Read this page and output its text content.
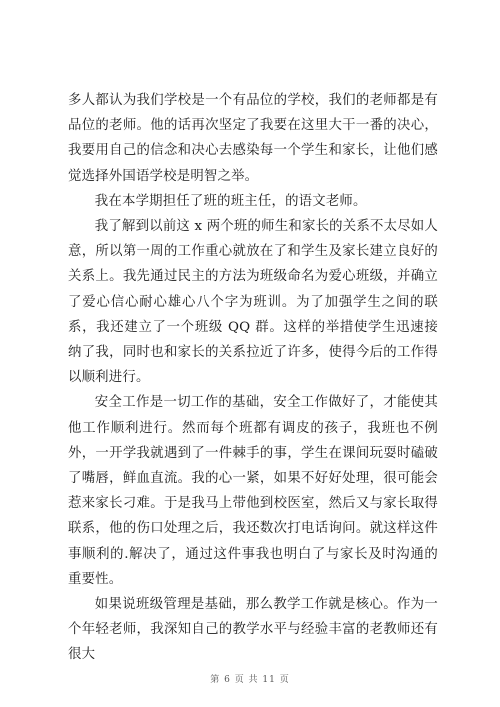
多人都认为我们学校是一个有品位的学校，我们的老师都是有品位的老师。他的话再次坚定了我要在这里大干一番的决心，我要用自己的信念和决心去感染每一个学生和家长，让他们感觉选择外国语学校是明智之举。

我在本学期担任了班的班主任，的语文老师。

我了解到以前这 x 两个班的师生和家长的关系不太尽如人意，所以第一周的工作重心就放在了和学生及家长建立良好的关系上。我先通过民主的方法为班级命名为爱心班级，并确立了爱心信心耐心雄心八个字为班训。为了加强学生之间的联系，我还建立了一个班级 QQ 群。这样的举措使学生迅速接纳了我，同时也和家长的关系拉近了许多，使得今后的工作得以顺利进行。

安全工作是一切工作的基础，安全工作做好了，才能使其他工作顺利进行。然而每个班都有调皮的孩子，我班也不例外，一开学我就遇到了一件棘手的事，学生在课间玩耍时磕破了嘴唇，鲜血直流。我的心一紧，如果不好好处理，很可能会惹来家长刁难。于是我马上带他到校医室，然后又与家长取得联系，他的伤口处理之后，我还数次打电话询问。就这样这件事顺利的.解决了，通过这件事我也明白了与家长及时沟通的重要性。

如果说班级管理是基础，那么教学工作就是核心。作为一个年轻老师，我深知自己的教学水平与经验丰富的老教师还有很大

第 6 页 共 11 页
